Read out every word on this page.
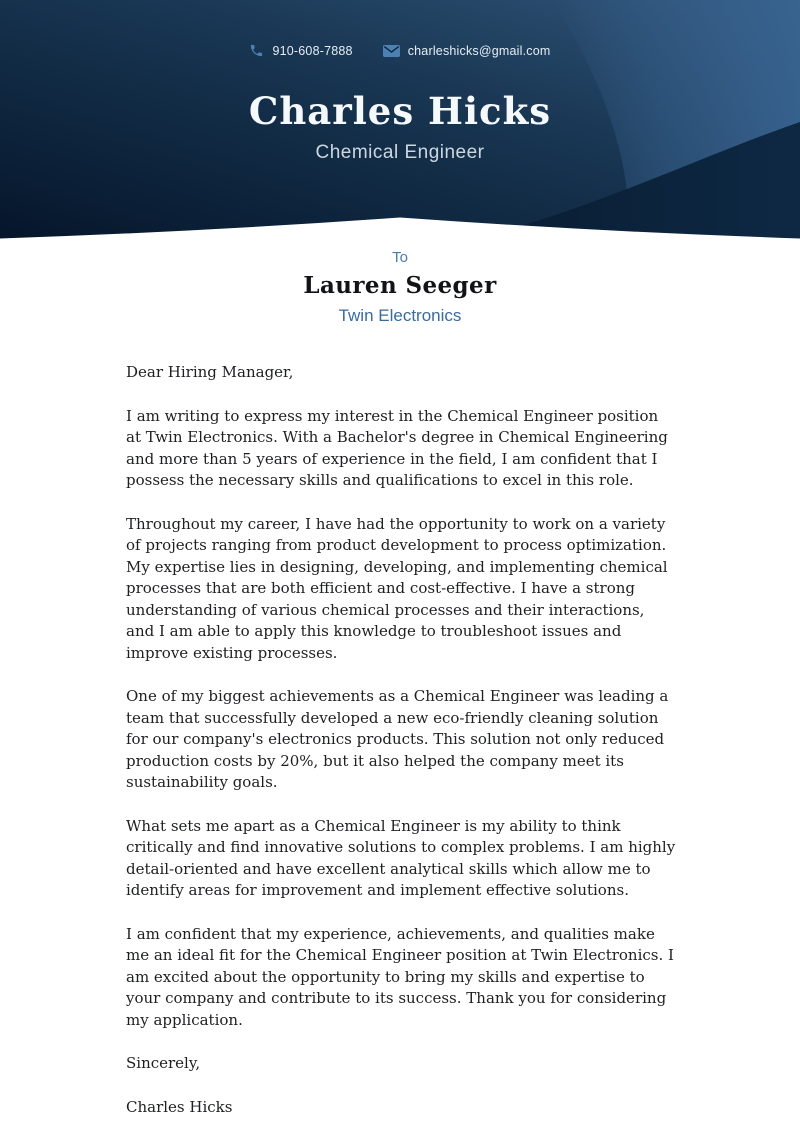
910-608-7888	charleshicks@gmail.com
Charles Hicks
Chemical Engineer
To
Lauren Seeger
Twin Electronics

Dear Hiring Manager,

I am writing to express my interest in the Chemical Engineer position at Twin Electronics. With a Bachelor's degree in Chemical Engineering and more than 5 years of experience in the field, I am confident that I possess the necessary skills and qualifications to excel in this role.

Throughout my career, I have had the opportunity to work on a variety of projects ranging from product development to process optimization. My expertise lies in designing, developing, and implementing chemical processes that are both efficient and cost-effective. I have a strong understanding of various chemical processes and their interactions, and I am able to apply this knowledge to troubleshoot issues and improve existing processes.

One of my biggest achievements as a Chemical Engineer was leading a team that successfully developed a new eco-friendly cleaning solution for our company's electronics products. This solution not only reduced production costs by 20%, but it also helped the company meet its sustainability goals.

What sets me apart as a Chemical Engineer is my ability to think critically and find innovative solutions to complex problems. I am highly detail-oriented and have excellent analytical skills which allow me to identify areas for improvement and implement effective solutions.

I am confident that my experience, achievements, and qualities make me an ideal fit for the Chemical Engineer position at Twin Electronics. I am excited about the opportunity to bring my skills and expertise to your company and contribute to its success. Thank you for considering my application.

Sincerely,

Charles Hicks
